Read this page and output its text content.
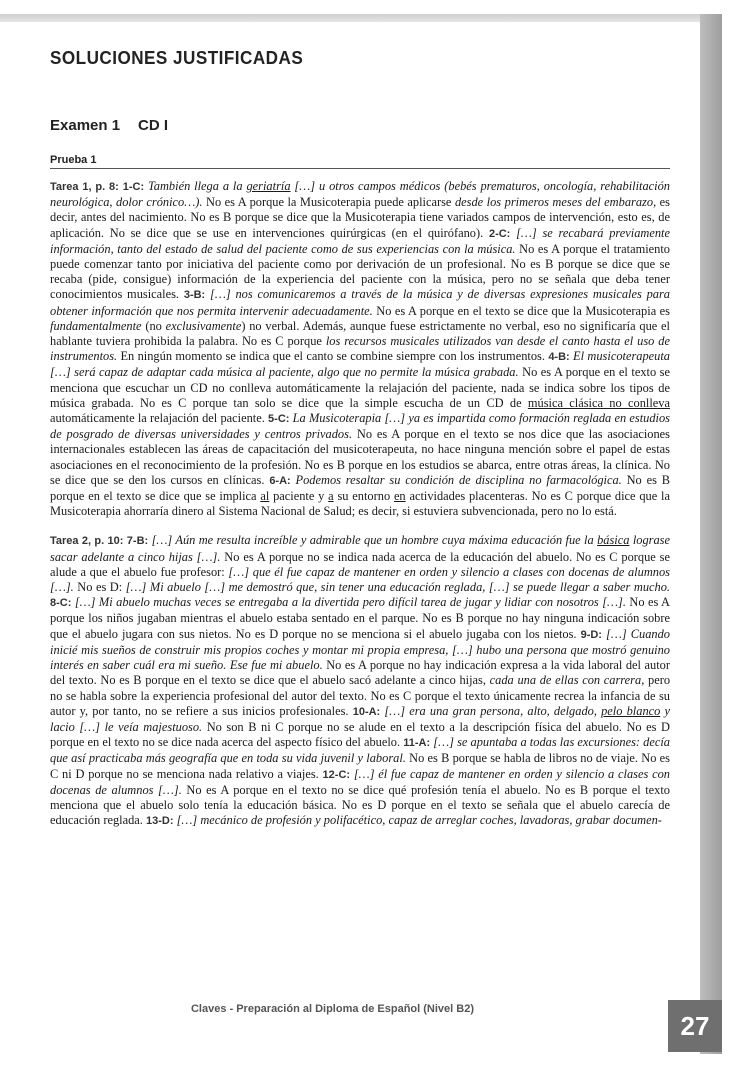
SOLUCIONES JUSTIFICADAS
Examen 1 CD I
Prueba 1

Tarea 1, p. 8: 1-C: También llega a la geriatría […] u otros campos médicos (bebés prematuros, oncología, rehabilitación neurológica, dolor crónico…). No es A porque la Musicoterapia puede aplicarse desde los primeros meses del embarazo, es decir, antes del nacimiento. No es B porque se dice que la Musicoterapia tiene variados campos de intervención, esto es, de aplicación. No se dice que se use en intervenciones quirúrgicas (en el quirófano). 2-C: […] se recabará previamente información, tanto del estado de salud del paciente como de sus experiencias con la música. No es A porque el tratamiento puede comenzar tanto por iniciativa del paciente como por derivación de un profesional. No es B porque se dice que se recaba (pide, consigue) información de la experiencia del paciente con la música, pero no se señala que deba tener conocimientos musicales. 3-B: […] nos comunicaremos a través de la música y de diversas expresiones musicales para obtener información que nos permita intervenir adecuadamente. No es A porque en el texto se dice que la Musicoterapia es fundamentalmente (no exclusivamente) no verbal. Además, aunque fuese estrictamente no verbal, eso no significaría que el hablante tuviera prohibida la palabra. No es C porque los recursos musicales utilizados van desde el canto hasta el uso de instrumentos. En ningún momento se indica que el canto se combine siempre con los instrumentos. 4-B: El musicoterapeuta […] será capaz de adaptar cada música al paciente, algo que no permite la música grabada. No es A porque en el texto se menciona que escuchar un CD no conlleva automáticamente la relajación del paciente, nada se indica sobre los tipos de música grabada. No es C porque tan solo se dice que la simple escucha de un CD de música clásica no conlleva automáticamente la relajación del paciente. 5-C: La Musicoterapia […] ya es impartida como formación reglada en estudios de posgrado de diversas universidades y centros privados. No es A porque en el texto se nos dice que las asociaciones internacionales establecen las áreas de capacitación del musicoterapeuta, no hace ninguna mención sobre el papel de estas asociaciones en el reconocimiento de la profesión. No es B porque en los estudios se abarca, entre otras áreas, la clínica. No se dice que se den los cursos en clínicas. 6-A: Podemos resaltar su condición de disciplina no farmacológica. No es B porque en el texto se dice que se implica al paciente y a su entorno en actividades placenteras. No es C porque dice que la Musicoterapia ahorraría dinero al Sistema Nacional de Salud; es decir, si estuviera subvencionada, pero no lo está.

Tarea 2, p. 10: 7-B: […] Aún me resulta increíble y admirable que un hombre cuya máxima educación fue la básica lograse sacar adelante a cinco hijas […]. No es A porque no se indica nada acerca de la educación del abuelo. No es C porque se alude a que el abuelo fue profesor: […] que él fue capaz de mantener en orden y silencio a clases con docenas de alumnos […]. No es D: […] Mi abuelo […] me demostró que, sin tener una educación reglada, […] se puede llegar a saber mucho. 8-C: […] Mi abuelo muchas veces se entregaba a la divertida pero difícil tarea de jugar y lidiar con nosotros […]. No es A porque los niños jugaban mientras el abuelo estaba sentado en el parque. No es B porque no hay ninguna indicación sobre que el abuelo jugara con sus nietos. No es D porque no se menciona si el abuelo jugaba con los nietos. 9-D: […] Cuando inicié mis sueños de construir mis propios coches y montar mi propia empresa, […] hubo una persona que mostró genuino interés en saber cuál era mi sueño. Ese fue mi abuelo. No es A porque no hay indicación expresa a la vida laboral del autor del texto. No es B porque en el texto se dice que el abuelo sacó adelante a cinco hijas, cada una de ellas con carrera, pero no se habla sobre la experiencia profesional del autor del texto. No es C porque el texto únicamente recrea la infancia de su autor y, por tanto, no se refiere a sus inicios profesionales. 10-A: […] era una gran persona, alto, delgado, pelo blanco y lacio […] le veía majestuoso. No son B ni C porque no se alude en el texto a la descripción física del abuelo. No es D porque en el texto no se dice nada acerca del aspecto físico del abuelo. 11-A: […] se apuntaba a todas las excursiones: decía que así practicaba más geografía que en toda su vida juvenil y laboral. No es B porque se habla de libros no de viaje. No es C ni D porque no se menciona nada relativo a viajes. 12-C: […] él fue capaz de mantener en orden y silencio a clases con docenas de alumnos […]. No es A porque en el texto no se dice qué profesión tenía el abuelo. No es B porque el texto menciona que el abuelo solo tenía la educación básica. No es D porque en el texto se señala que el abuelo carecía de educación reglada. 13-D: […] mecánico de profesión y polifacético, capaz de arreglar coches, lavadoras, grabar documen-

Claves - Preparación al Diploma de Español (Nivel B2)
27
